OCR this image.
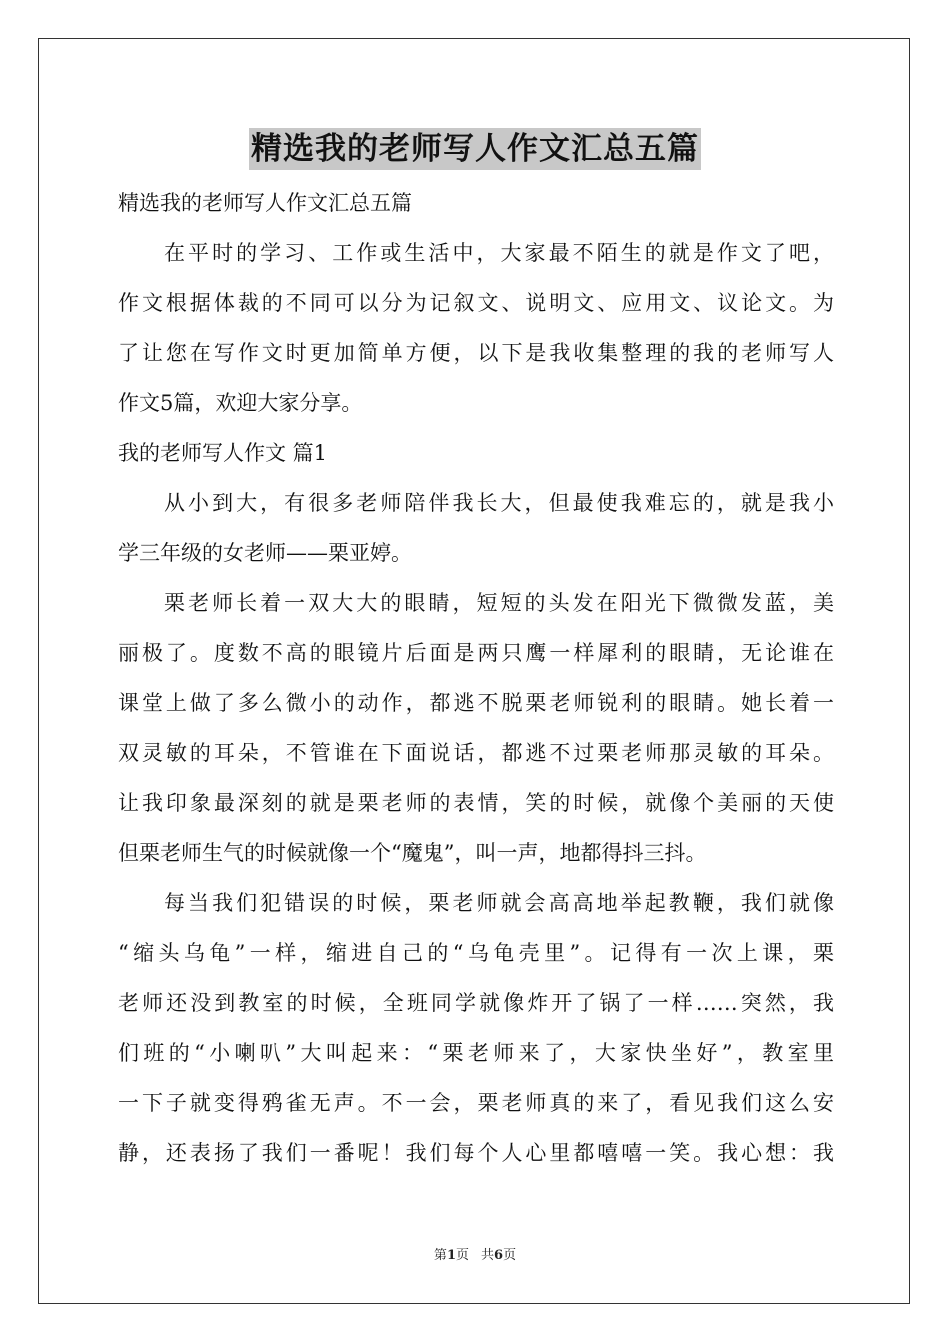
精选我的老师写人作文汇总五篇
精选我的老师写人作文汇总五篇
在平时的学习、工作或生活中，大家最不陌生的就是作文了吧，
作文根据体裁的不同可以分为记叙文、说明文、应用文、议论文。为
了让您在写作文时更加简单方便，以下是我收集整理的我的老师写人
作文5篇，欢迎大家分享。
我的老师写人作文 篇1
从小到大，有很多老师陪伴我长大，但最使我难忘的，就是我小
学三年级的女老师——栗亚婷。
栗老师长着一双大大的眼睛，短短的头发在阳光下微微发蓝，美
丽极了。度数不高的眼镜片后面是两只鹰一样犀利的眼睛，无论谁在
课堂上做了多么微小的动作，都逃不脱栗老师锐利的眼睛。她长着一
双灵敏的耳朵，不管谁在下面说话，都逃不过栗老师那灵敏的耳朵。
让我印象最深刻的就是栗老师的表情，笑的时候，就像个美丽的天使
但栗老师生气的时候就像一个“魔鬼”，叫一声，地都得抖三抖。
每当我们犯错误的时候，栗老师就会高高地举起教鞭，我们就像
“缩头乌龟”一样，缩进自己的“乌龟壳里”。记得有一次上课，栗
老师还没到教室的时候，全班同学就像炸开了锅了一样……突然，我
们班的“小喇叭”大叫起来：“栗老师来了，大家快坐好”，教室里
一下子就变得鸦雀无声。不一会，栗老师真的来了，看见我们这么安
静，还表扬了我们一番呢！我们每个人心里都嘻嘻一笑。我心想：我
第1页 共6页
